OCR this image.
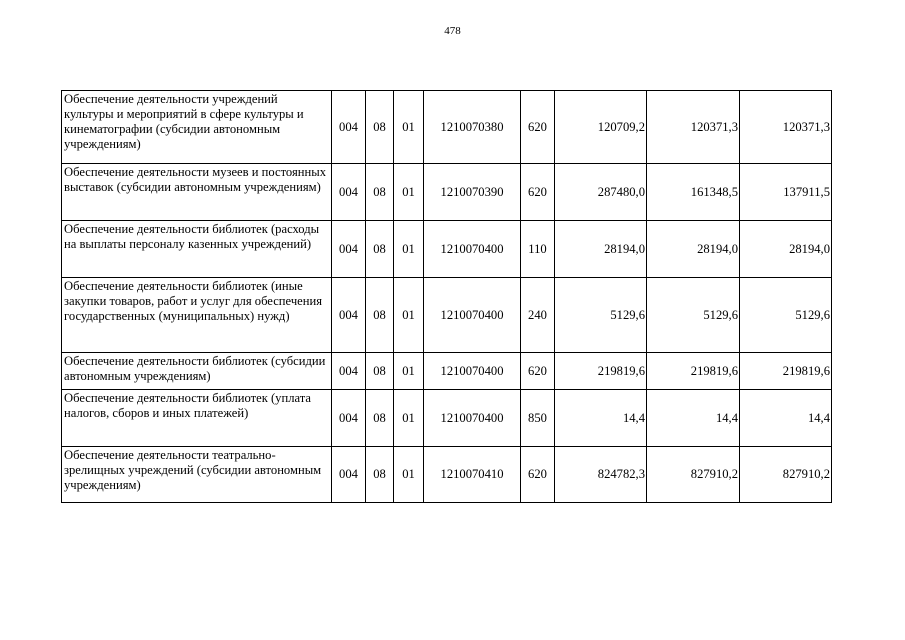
478
Обеспечение деятельности учреждений культуры и мероприятий в сфере культуры и кинематографии (субсидии автономным учреждениям)	004	08	01	1210070380	620	120709,2	120371,3	120371,3
Обеспечение деятельности музеев и постоянных выставок (субсидии автономным учреждениям)	004	08	01	1210070390	620	287480,0	161348,5	137911,5
Обеспечение деятельности библиотек (расходы на выплаты персоналу казенных учреждений)	004	08	01	1210070400	110	28194,0	28194,0	28194,0
Обеспечение деятельности библиотек (иные закупки товаров, работ и услуг для обеспечения государственных (муниципальных) нужд)	004	08	01	1210070400	240	5129,6	5129,6	5129,6
Обеспечение деятельности библиотек (субсидии автономным учреждениям)	004	08	01	1210070400	620	219819,6	219819,6	219819,6
Обеспечение деятельности библиотек (уплата налогов, сборов и иных платежей)	004	08	01	1210070400	850	14,4	14,4	14,4
Обеспечение деятельности театрально-зрелищных учреждений (субсидии автономным учреждениям)	004	08	01	1210070410	620	824782,3	827910,2	827910,2
